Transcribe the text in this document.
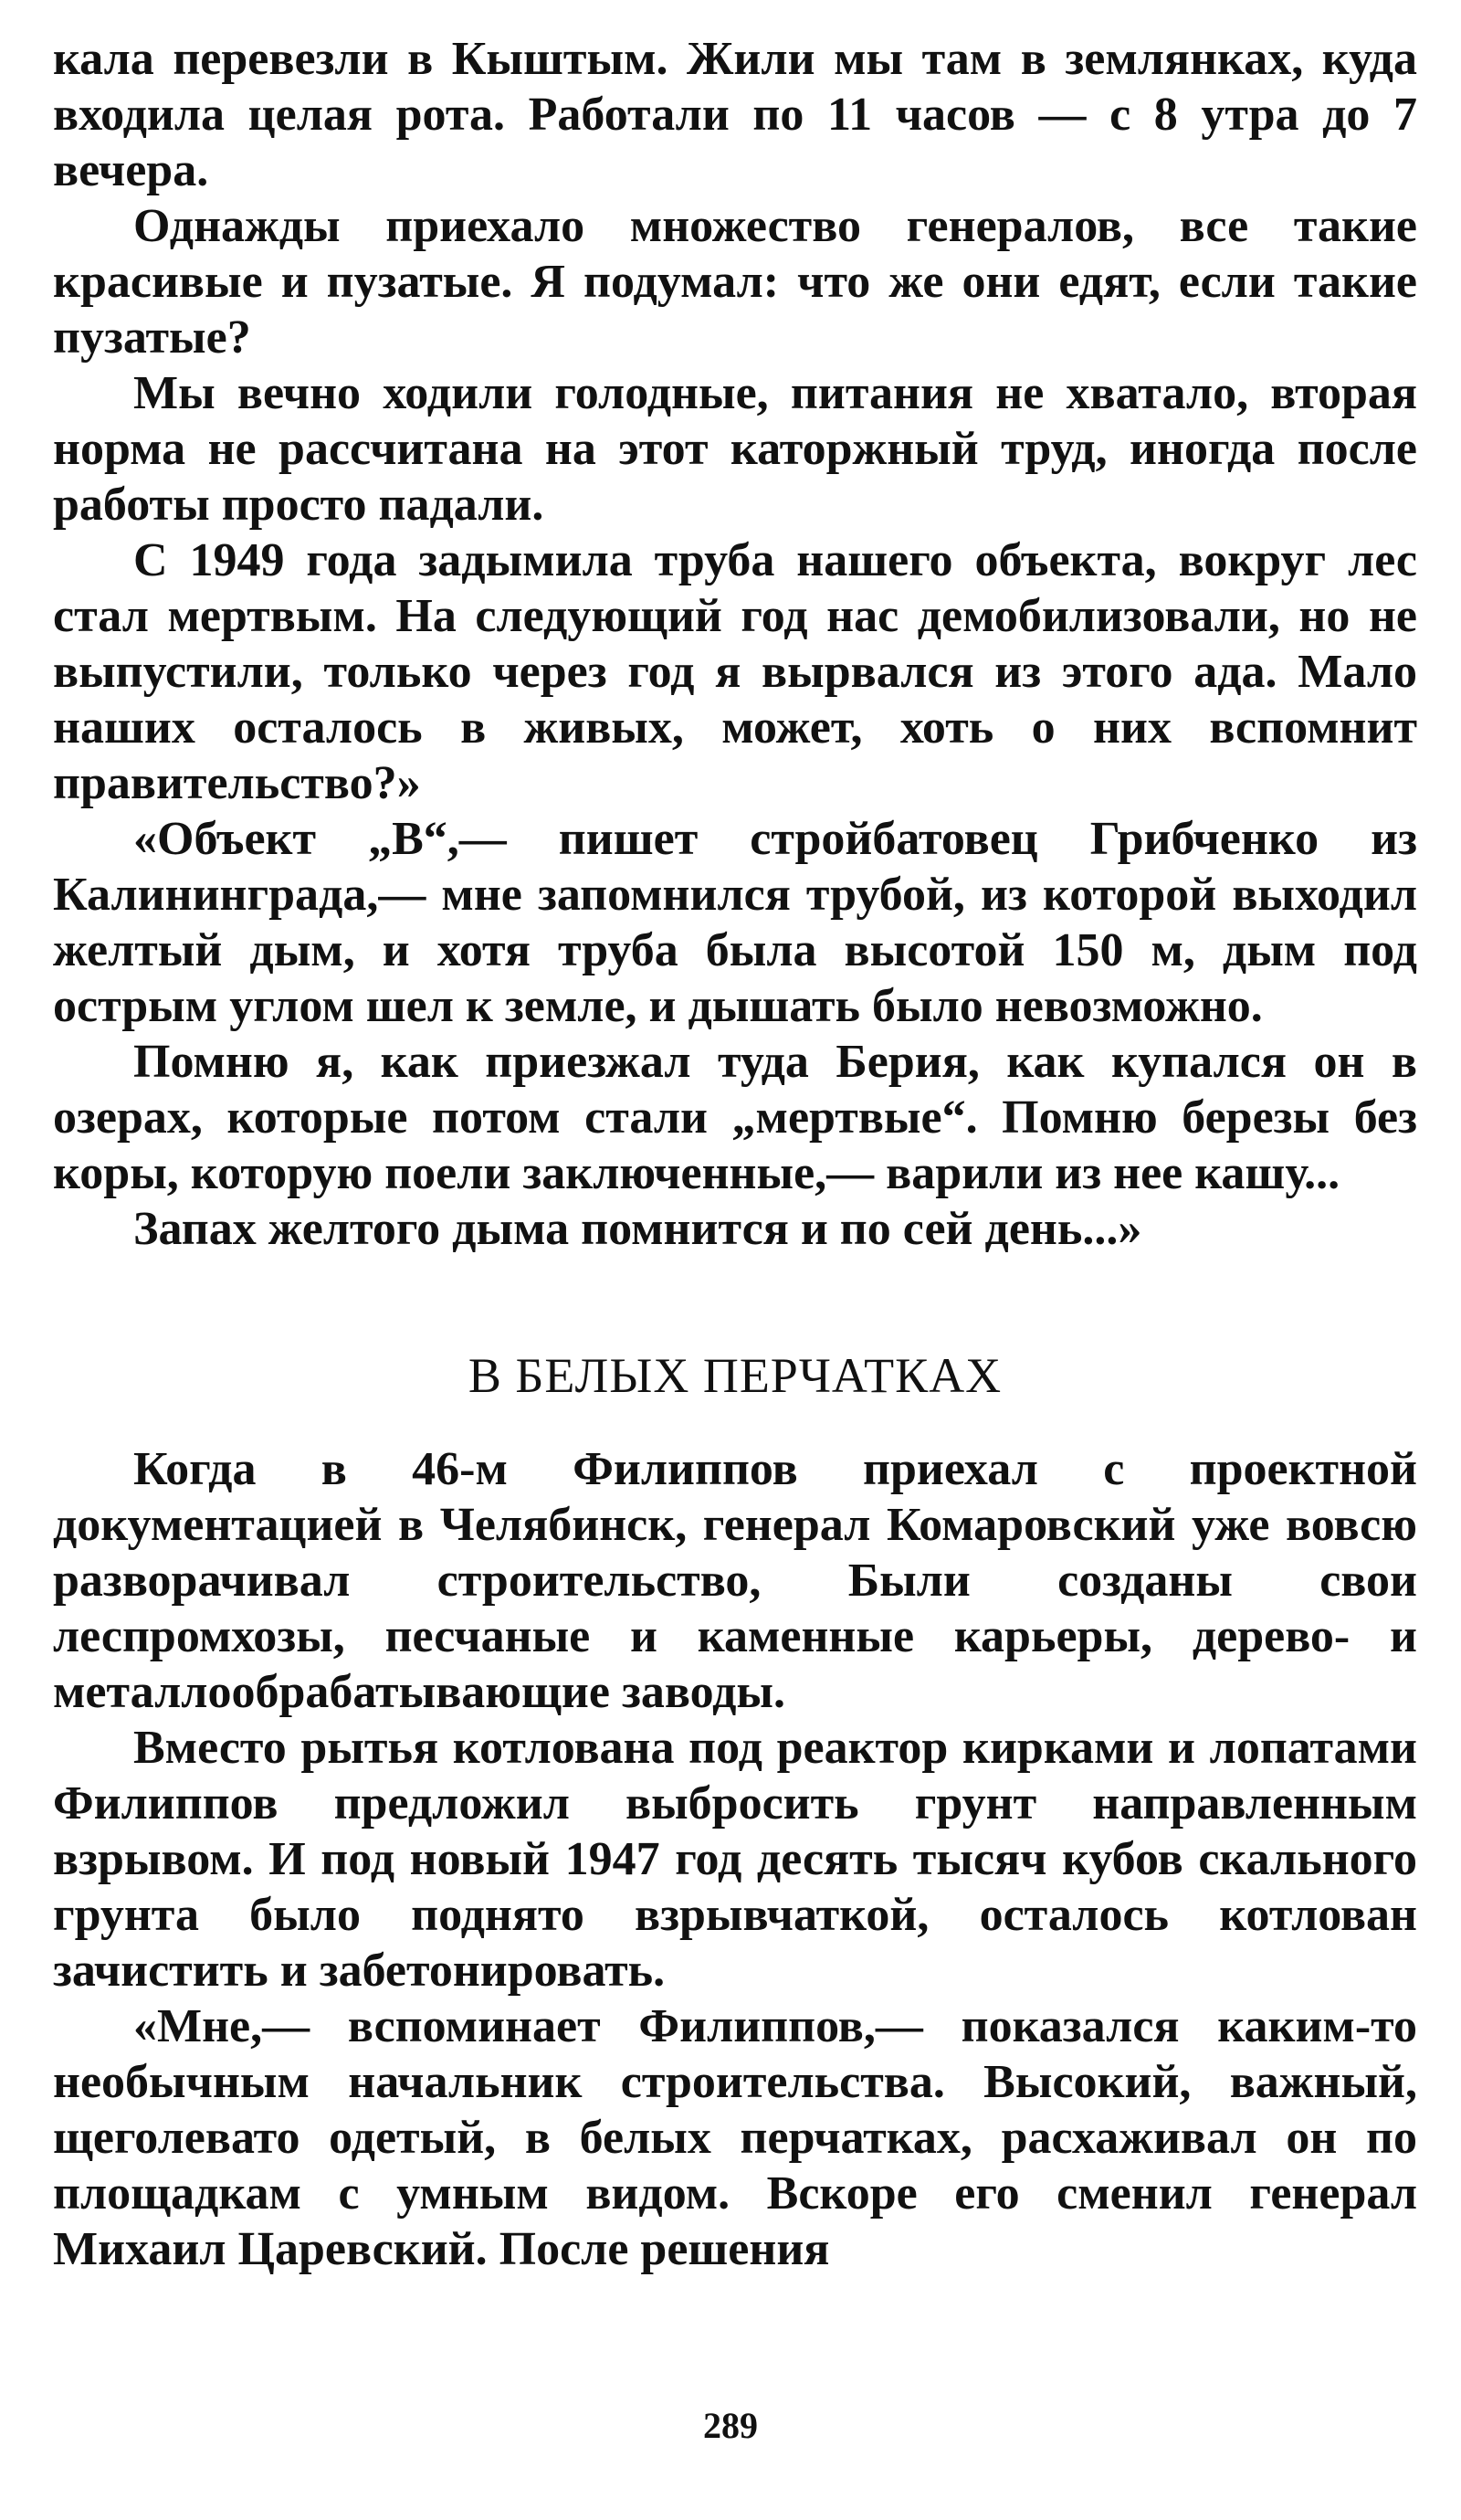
кала перевезли в Кыштым. Жили мы там в землянках, куда входила целая рота. Работали по 11 часов — с 8 утра до 7 вечера.

Однажды приехало множество генералов, все такие красивые и пузатые. Я подумал: что же они едят, если такие пузатые?

Мы вечно ходили голодные, питания не хватало, вторая норма не рассчитана на этот каторжный труд, иногда после работы просто падали.

С 1949 года задымила труба нашего объекта, вокруг лес стал мертвым. На следующий год нас демобилизовали, но не выпустили, только через год я вырвался из этого ада. Мало наших осталось в живых, может, хоть о них вспомнит правительство?»

«Объект „В“,— пишет стройбатовец Грибченко из Калининграда,— мне запомнился трубой, из которой выходил желтый дым, и хотя труба была высотой 150 м, дым под острым углом шел к земле, и дышать было невозможно.

Помню я, как приезжал туда Берия, как купался он в озерах, которые потом стали „мертвые“. Помню березы без коры, которую поели заключенные,— варили из нее кашу...

Запах желтого дыма помнится и по сей день...»

В БЕЛЫХ ПЕРЧАТКАХ

Когда в 46-м Филиппов приехал с проектной документацией в Челябинск, генерал Комаровский уже вовсю разворачивал строительство, Были созданы свои леспромхозы, песчаные и каменные карьеры, дерево- и металлообрабатывающие заводы.

Вместо рытья котлована под реактор кирками и лопатами Филиппов предложил выбросить грунт направленным взрывом. И под новый 1947 год десять тысяч кубов скального грунта было поднято взрывчаткой, осталось котлован зачистить и забетонировать.

«Мне,— вспоминает Филиппов,— показался каким-то необычным начальник строительства. Высокий, важный, щеголевато одетый, в белых перчатках, расхаживал он по площадкам с умным видом. Вскоре его сменил генерал Михаил Царевский. После решения

289
